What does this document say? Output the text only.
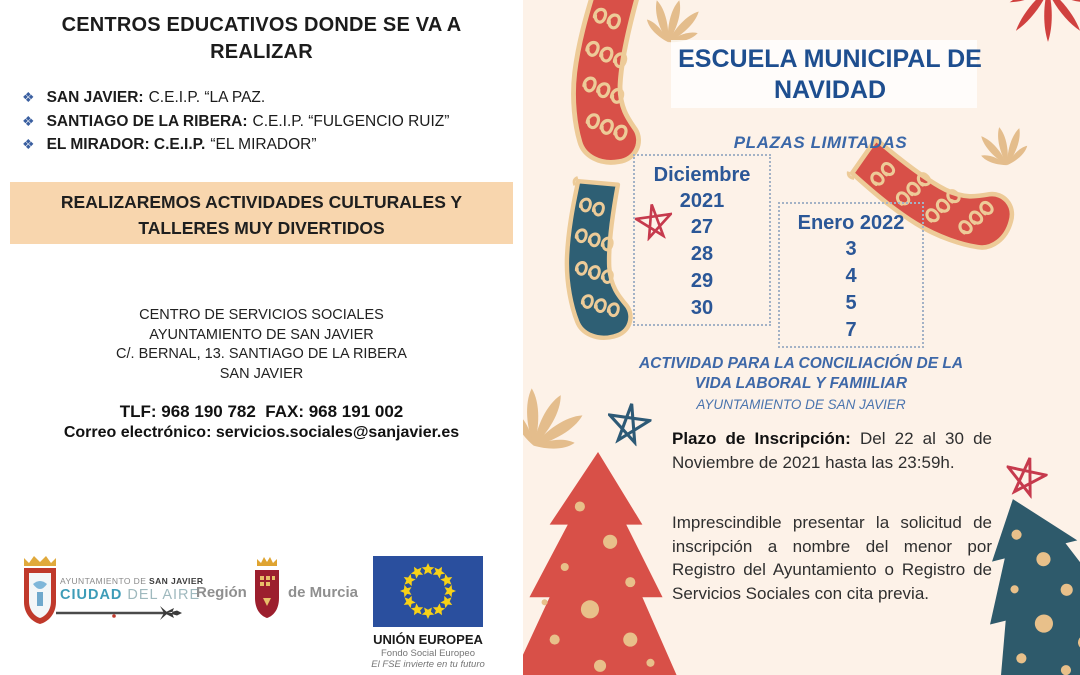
CENTROS EDUCATIVOS DONDE SE VA A REALIZAR
❖ SAN JAVIER: C.E.I.P. “LA PAZ.
❖ SANTIAGO DE LA RIBERA: C.E.I.P. “FULGENCIO RUIZ”
❖ EL MIRADOR: C.E.I.P. “EL MIRADOR”
REALIZAREMOS ACTIVIDADES CULTURALES Y TALLERES MUY DIVERTIDOS
CENTRO DE SERVICIOS SOCIALES
AYUNTAMIENTO DE SAN JAVIER
C/. BERNAL, 13. SANTIAGO DE LA RIBERA
SAN JAVIER
TLF: 968 190 782  FAX: 968 191 002
Correo electrónico: servicios.sociales@sanjavier.es
AYUNTAMIENTO DE SAN JAVIER
CIUDAD DEL AIRE
Región	de Murcia
UNIÓN EUROPEA
Fondo Social Europeo
El FSE invierte en tu futuro
ESCUELA MUNICIPAL DE NAVIDAD
PLAZAS LIMITADAS
Diciembre 2021
27
28
29
30
Enero 2022
3
4
5
7
ACTIVIDAD PARA LA CONCILIACIÓN DE LA
VIDA LABORAL Y FAMIILIAR
AYUNTAMIENTO DE SAN JAVIER
Plazo de Inscripción: Del 22 al 30 de Noviembre de 2021 hasta las 23:59h.
Imprescindible presentar la solicitud de inscripción a nombre del menor por Registro del Ayuntamiento o Registro de Servicios Sociales con cita previa.
